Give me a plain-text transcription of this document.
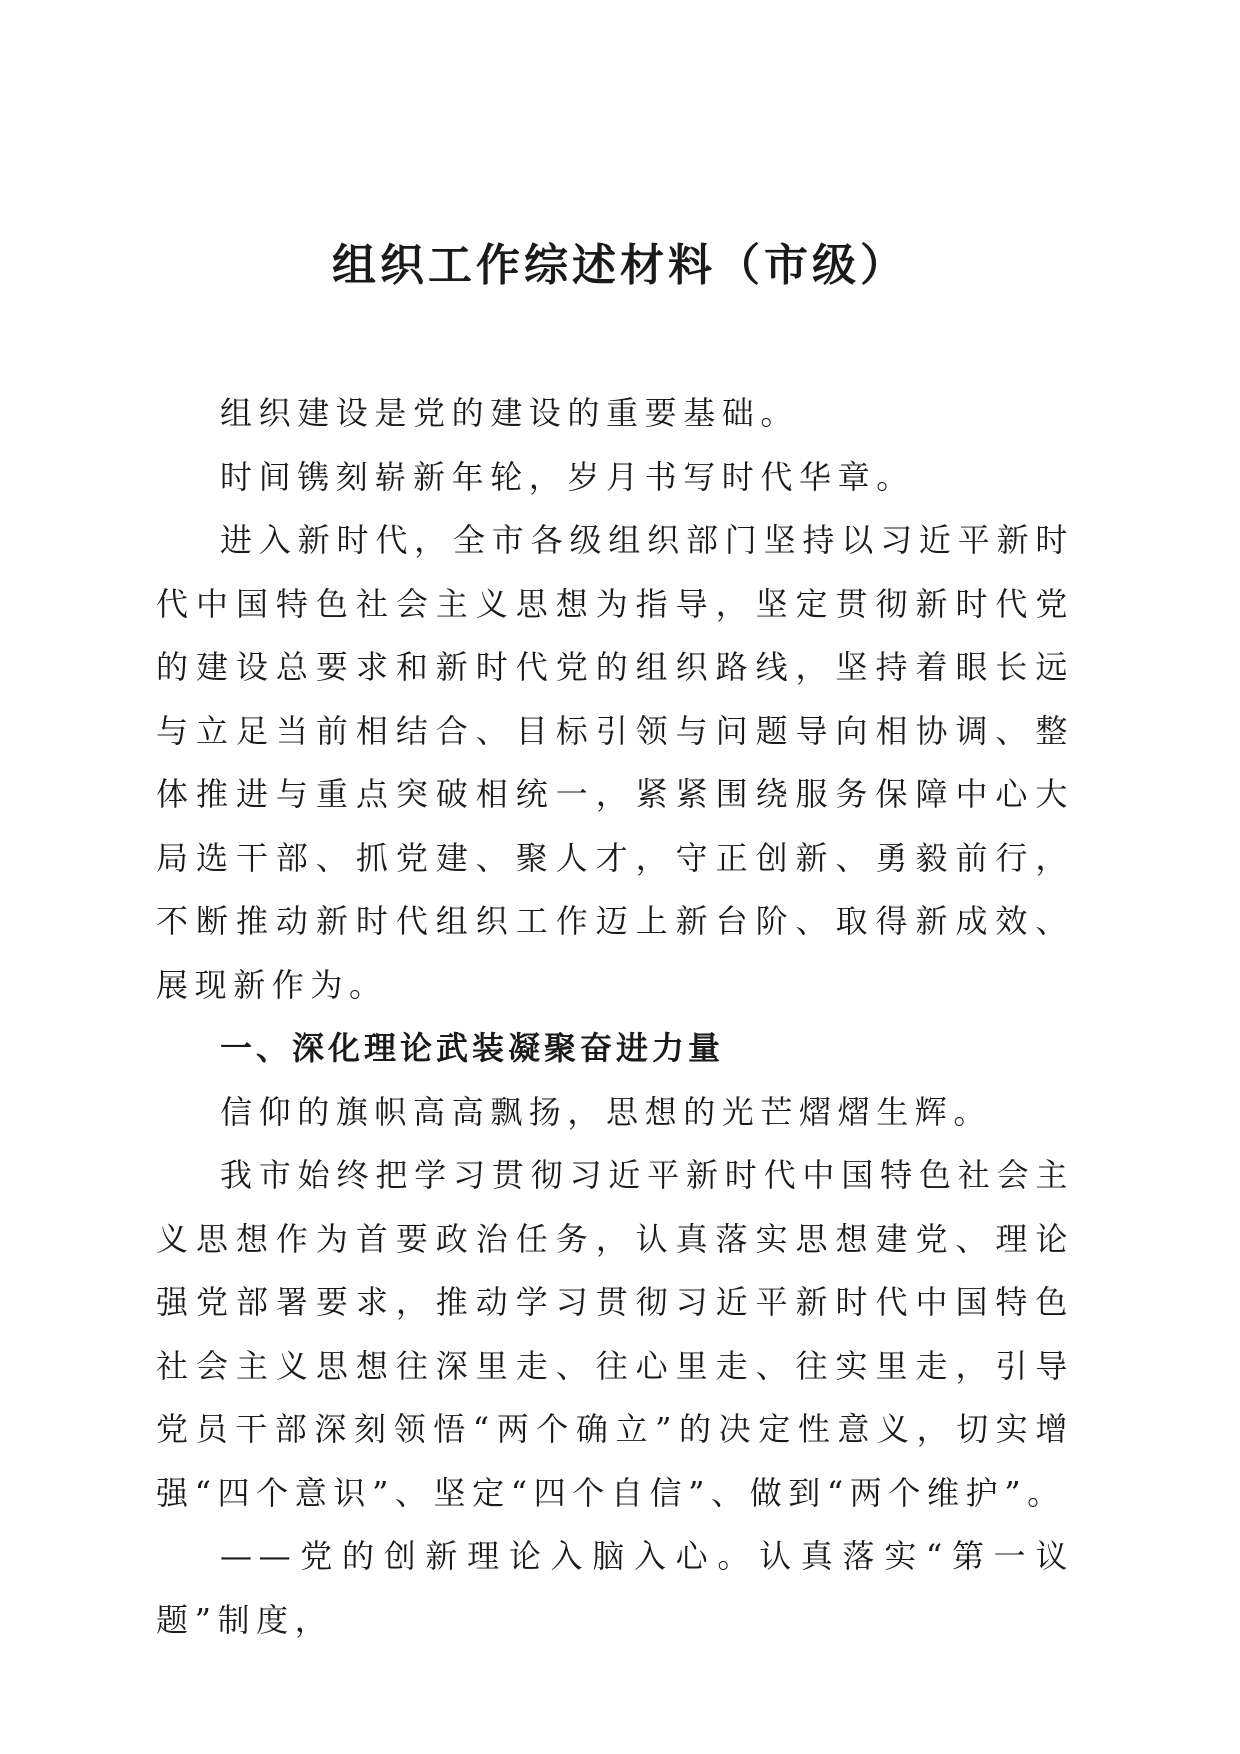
组织工作综述材料（市级）

组织建设是党的建设的重要基础。

时间镌刻崭新年轮，岁月书写时代华章。

进入新时代，全市各级组织部门坚持以习近平新时代中国特色社会主义思想为指导，坚定贯彻新时代党的建设总要求和新时代党的组织路线，坚持着眼长远与立足当前相结合、目标引领与问题导向相协调、整体推进与重点突破相统一，紧紧围绕服务保障中心大局选干部、抓党建、聚人才，守正创新、勇毅前行，不断推动新时代组织工作迈上新台阶、取得新成效、展现新作为。

一、深化理论武装凝聚奋进力量

信仰的旗帜高高飘扬，思想的光芒熠熠生辉。

我市始终把学习贯彻习近平新时代中国特色社会主义思想作为首要政治任务，认真落实思想建党、理论强党部署要求，推动学习贯彻习近平新时代中国特色社会主义思想往深里走、往心里走、往实里走，引导党员干部深刻领悟“两个确立”的决定性意义，切实增强“四个意识”、坚定“四个自信”、做到“两个维护”。

——党的创新理论入脑入心。认真落实“第一议题”制度，
